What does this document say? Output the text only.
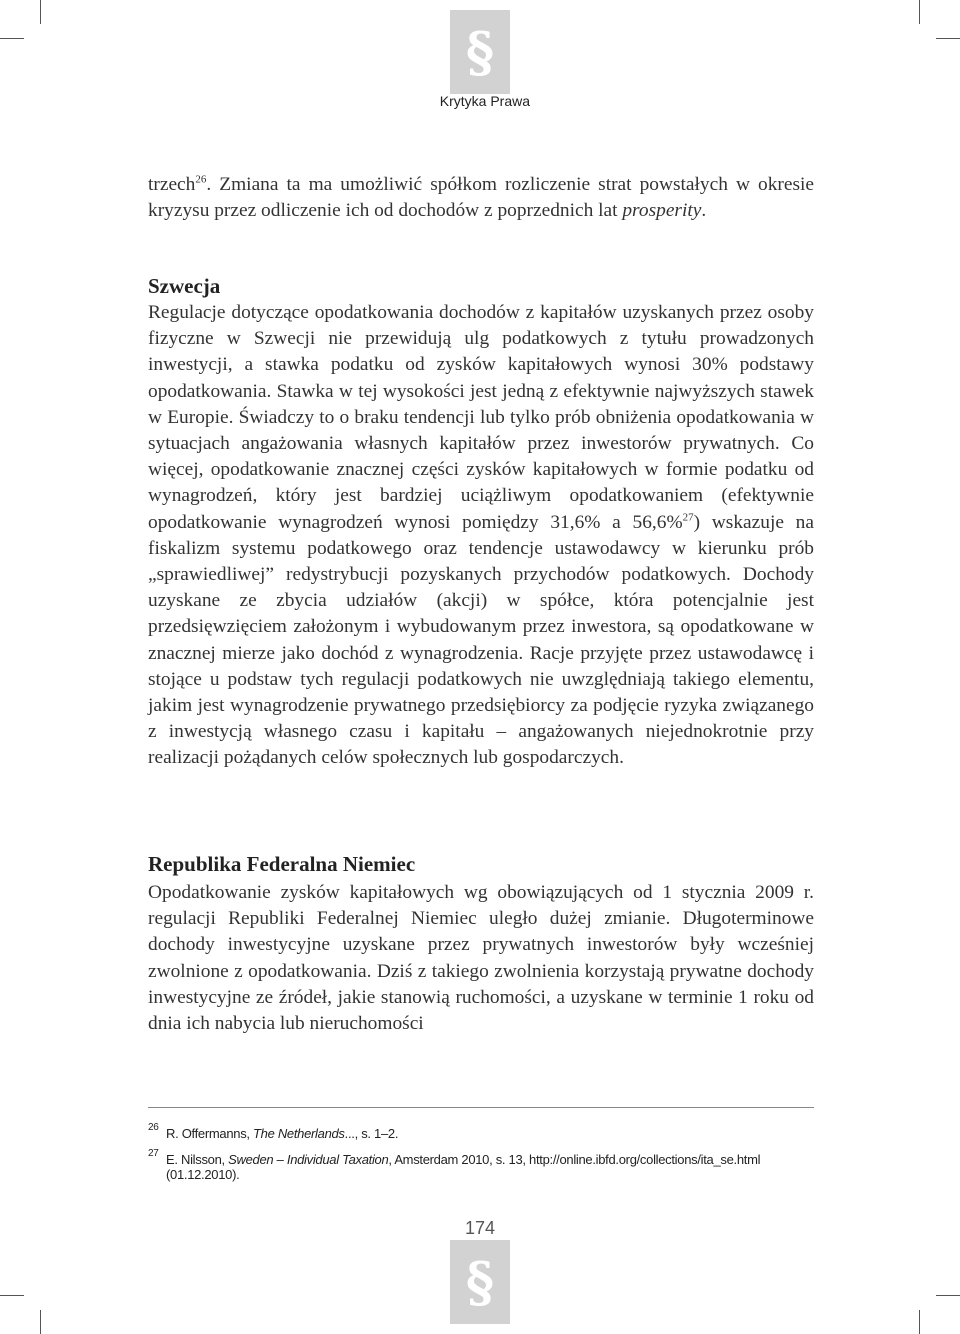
§

Krytyka Prawa

trzech$^{26}$. Zmiana ta ma umożliwić spółkom rozliczenie strat powstałych w okresie kryzysu przez odliczenie ich od dochodów z poprzednich lat prosperity.

Szwecja

Regulacje dotyczące opodatkowania dochodów z kapitałów uzyskanych przez osoby fizyczne w Szwecji nie przewidują ulg podatkowych z tytułu prowadzonych inwestycji, a stawka podatku od zysków kapitałowych wynosi 30% podstawy opodatkowania. Stawka w tej wysokości jest jedną z efektywnie najwyższych stawek w Europie. Świadczy to o braku tendencji lub tylko prób obniżenia opodatkowania w sytuacjach angażowania własnych kapitałów przez inwestorów prywatnych. Co więcej, opodatkowanie znacznej części zysków kapitałowych w formie podatku od wynagrodzeń, który jest bardziej uciążliwym opodatkowaniem (efektywnie opodatkowanie wynagrodzeń wynosi pomiędzy 31,6% a 56,6%$^{27}$) wskazuje na fiskalizm systemu podatkowego oraz tendencje ustawodawcy w kierunku prób „sprawiedliwej” redystrybucji pozyskanych przychodów podatkowych. Dochody uzyskane ze zbycia udziałów (akcji) w spółce, która potencjalnie jest przedsięwzięciem założonym i wybudowanym przez inwestora, są opodatkowane w znacznej mierze jako dochód z wynagrodzenia. Racje przyjęte przez ustawodawcę i stojące u podstaw tych regulacji podatkowych nie uwzględniają takiego elementu, jakim jest wynagrodzenie prywatnego przedsiębiorcy za podjęcie ryzyka związanego z inwestycją własnego czasu i kapitału – angażowanych niejednokrotnie przy realizacji pożądanych celów społecznych lub gospodarczych.

Republika Federalna Niemiec

Opodatkowanie zysków kapitałowych wg obowiązujących od 1 stycznia 2009 r. regulacji Republiki Federalnej Niemiec uległo dużej zmianie. Długoterminowe dochody inwestycyjne uzyskane przez prywatnych inwestorów były wcześniej zwolnione z opodatkowania. Dziś z takiego zwolnienia korzystają prywatne dochody inwestycyjne ze źródeł, jakie stanowią ruchomości, a uzyskane w terminie 1 roku od dnia ich nabycia lub nieruchomości

26 R. Offermanns, The Netherlands..., s. 1–2.

27 E. Nilsson, Sweden – Individual Taxation, Amsterdam 2010, s. 13, http://online.ibfd.org/collections/ita_se.html (01.12.2010).

§

174
